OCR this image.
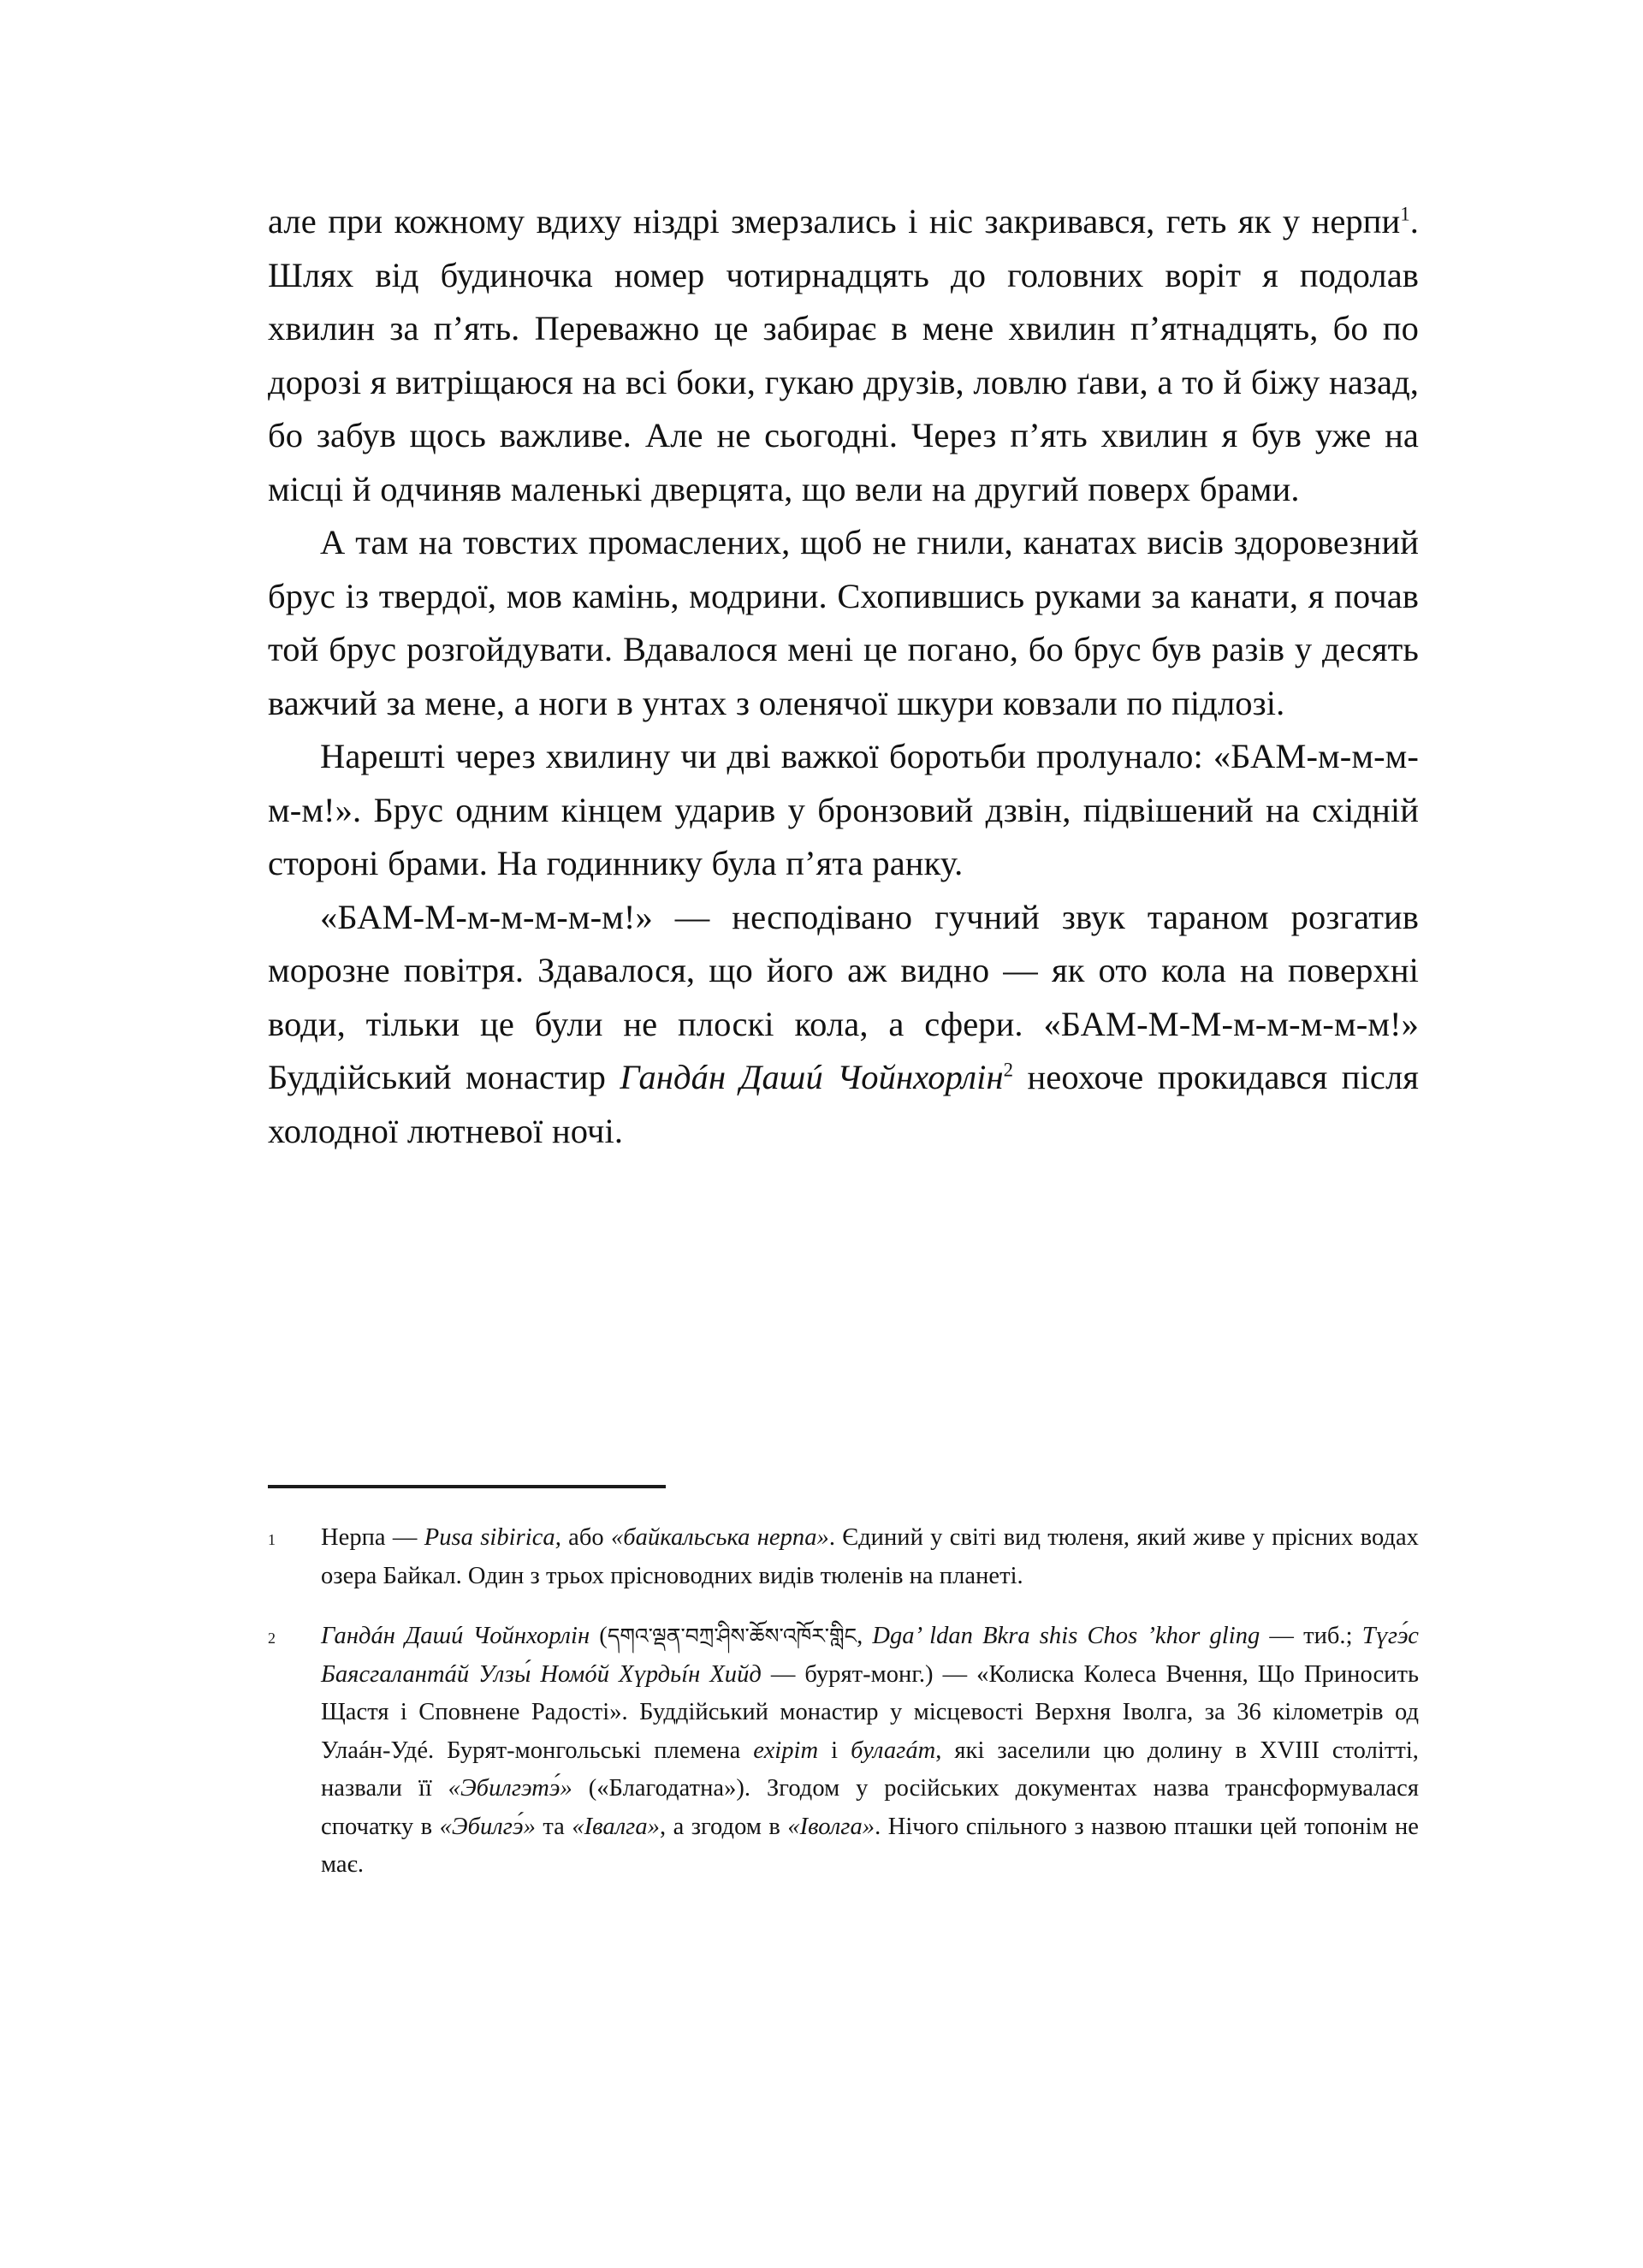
але при кожному вдиху ніздрі змерзались і ніс закривався, геть як у нерпи$^1$. Шлях від будиночка номер чотирнадцять до головних воріт я подолав хвилин за п’ять. Переважно це забирає в мене хвилин п’ятнадцять, бо по дорозі я витріщаюся на всі боки, гукаю друзів, ловлю ґави, а то й біжу назад, бо забув щось важливе. Але не сьогодні. Через п’ять хвилин я був уже на місці й одчиняв маленькі дверцята, що вели на другий поверх брами.

А там на товстих промаслених, щоб не гнили, канатах висів здоровезний брус із твердої, мов камінь, модрини. Схопившись руками за канати, я почав той брус розгойдувати. Вдавалося мені це погано, бо брус був разів у десять важчий за мене, а ноги в унтах з оленячої шкури ковзали по підлозі.

Нарешті через хвилину чи дві важкої боротьби пролунало: «БАМ-м-м-м-м-м!». Брус одним кінцем ударив у бронзовий дзвін, підвішений на східній стороні брами. На годиннику була п’ята ранку.

«БАМ-М-м-м-м-м-м!» — несподівано гучний звук тараном розгатив морозне повітря. Здавалося, що його аж видно — як ото кола на поверхні води, тільки це були не плоскі кола, а сфери. «БАМ-М-М-м-м-м-м-м!» Буддійський монастир Гандáн Дашú Чойнхорлін$^2$ неохоче прокидався після холодної лютневої ночі.

1	Нерпа — Pusa sibirica, або «байкальська нерпа». Єдиний у світі вид тюленя, який живе у прісних водах озера Байкал. Один з трьох прісноводних видів тюленів на планеті.
2	Гандáн Дашú Чойнхорлін (དགའ་ལྡན་བཀྲ་ཤིས་ཆོས་འཁོར་གླིང, Dga’ ldan Bkra shis Chos ’khor gling — тиб.; Түгэ́с Баясгалантáй Улзы́ Номóй Хүрдьíн Хийд — бурят-монг.) — «Колиска Колеса Вчення, Що Приносить Щастя і Сповнене Радості». Буддійський монастир у місцевості Верхня Іволга, за 36 кілометрів од Улаáн-Удé. Бурят-монгольські племена ехіріт і булагáт, які заселили цю долину в XVIII столітті, назвали її «Эбилгэтэ́» («Благодатна»). Згодом у російських документах назва трансформувалася спочатку в «Эбилгэ́» та «Івалга», а згодом в «Іволга». Нічого спільного з назвою пташки цей топонім не має.
